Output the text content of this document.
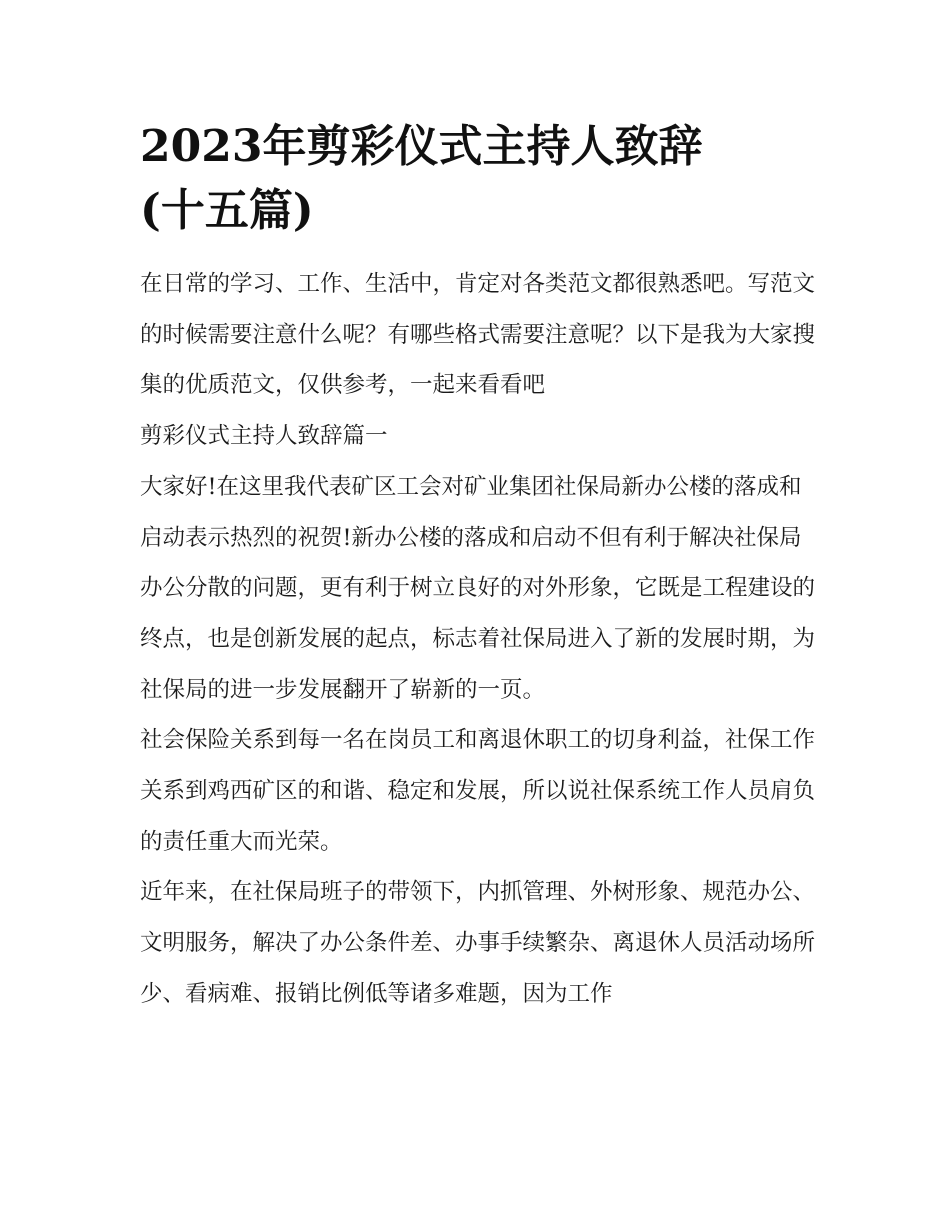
2023年剪彩仪式主持人致辞(十五篇)

在日常的学习、工作、生活中，肯定对各类范文都很熟悉吧。写范文的时候需要注意什么呢？有哪些格式需要注意呢？以下是我为大家搜集的优质范文，仅供参考，一起来看看吧

剪彩仪式主持人致辞篇一

大家好!在这里我代表矿区工会对矿业集团社保局新办公楼的落成和启动表示热烈的祝贺!新办公楼的落成和启动不但有利于解决社保局办公分散的问题，更有利于树立良好的对外形象，它既是工程建设的终点，也是创新发展的起点，标志着社保局进入了新的发展时期，为社保局的进一步发展翻开了崭新的一页。

社会保险关系到每一名在岗员工和离退休职工的切身利益，社保工作关系到鸡西矿区的和谐、稳定和发展，所以说社保系统工作人员肩负的责任重大而光荣。

近年来，在社保局班子的带领下，内抓管理、外树形象、规范办公、文明服务，解决了办公条件差、办事手续繁杂、离退休人员活动场所少、看病难、报销比例低等诸多难题，因为工作
